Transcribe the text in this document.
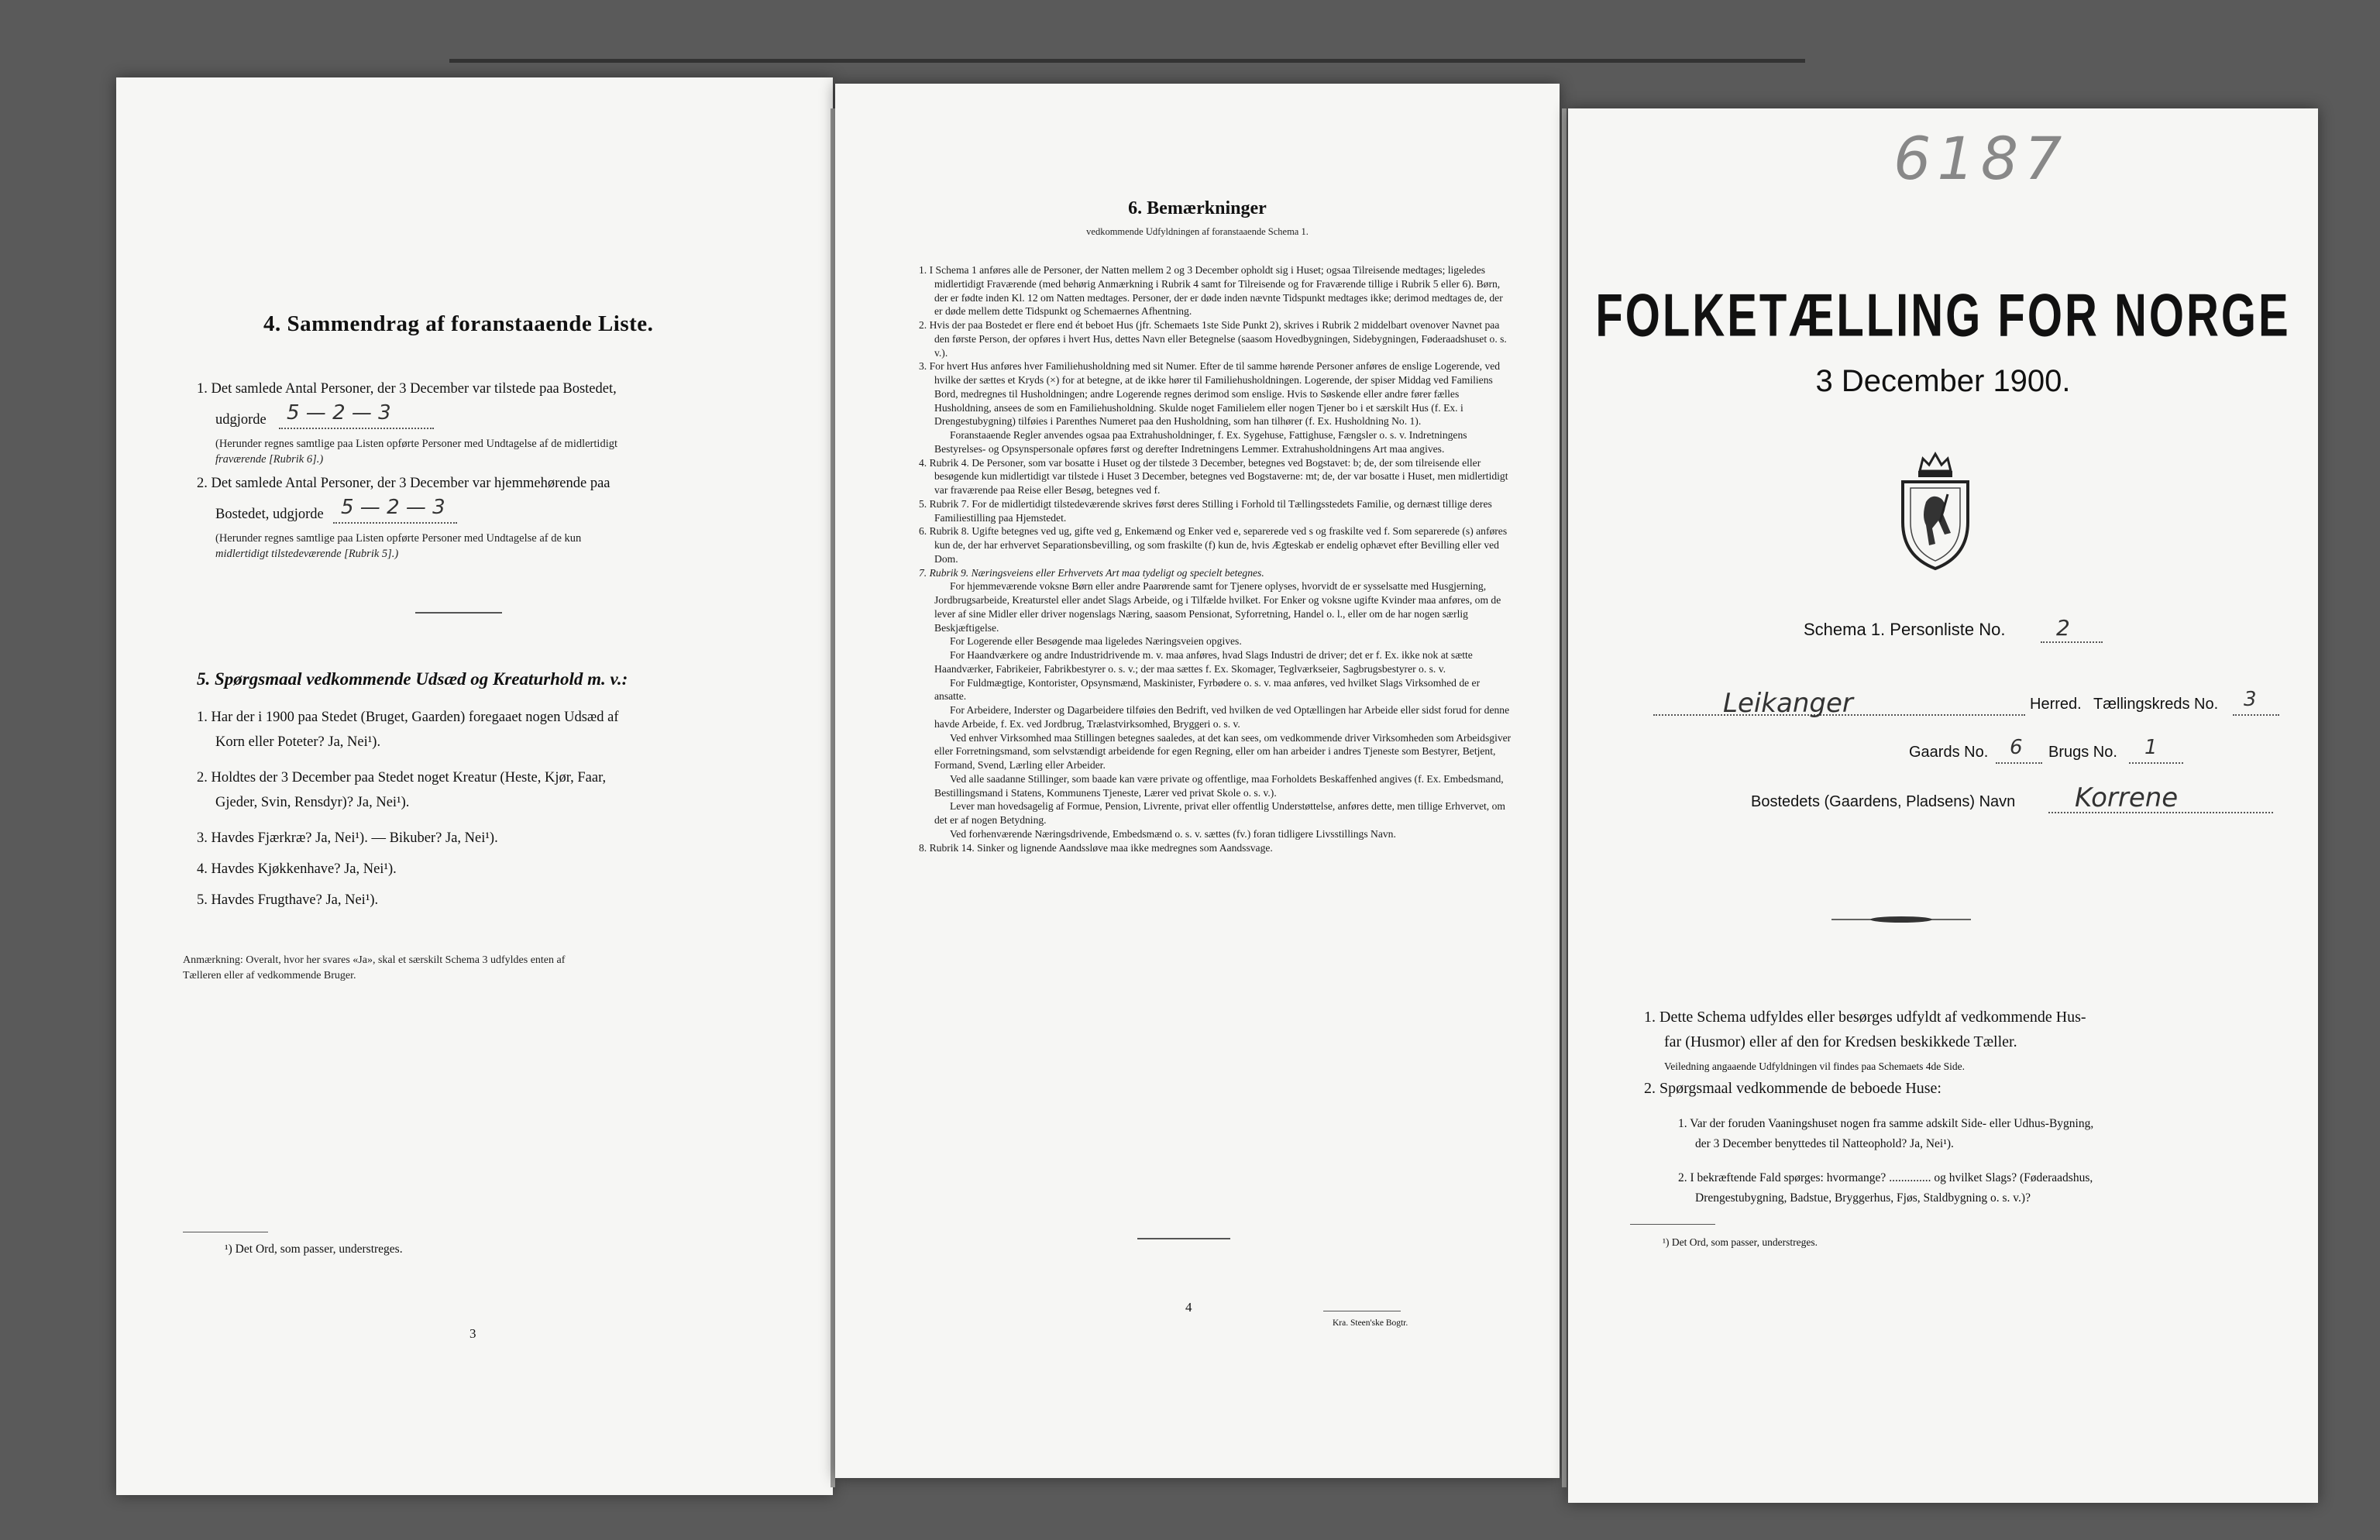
4. Sammendrag af foranstaaende Liste.
1. Det samlede Antal Personer, der 3 December var tilstede paa Bostedet,
udgjorde 5 — 2 — 3
(Herunder regnes samtlige paa Listen opførte Personer med Undtagelse af de midlertidigt
fraværende [Rubrik 6].)
2. Det samlede Antal Personer, der 3 December var hjemmehørende paa
Bostedet, udgjorde 5 — 2 — 3
(Herunder regnes samtlige paa Listen opførte Personer med Undtagelse af de kun
midlertidigt tilstedeværende [Rubrik 5].)
5. Spørgsmaal vedkommende Udsæd og Kreaturhold m. v.:
1. Har der i 1900 paa Stedet (Bruget, Gaarden) foregaaet nogen Udsæd af
Korn eller Poteter? Ja, Nei¹).
2. Holdtes der 3 December paa Stedet noget Kreatur (Heste, Kjør, Faar,
Gjeder, Svin, Rensdyr)? Ja, Nei¹).
3. Havdes Fjærkræ? Ja, Nei¹). — Bikuber? Ja, Nei¹).
4. Havdes Kjøkkenhave? Ja, Nei¹).
5. Havdes Frugthave? Ja, Nei¹).
Anmærkning: Overalt, hvor her svares «Ja», skal et særskilt Schema 3 udfyldes enten af
Tælleren eller af vedkommende Bruger.
¹) Det Ord, som passer, understreges.
3
6. Bemærkninger
vedkommende Udfyldningen af foranstaaende Schema 1.

1. I Schema 1 anføres alle de Personer, der Natten mellem 2 og 3 December opholdt sig i Huset; ogsaa Tilreisende medtages; ligeledes midlertidigt Fraværende (med behørig Anmærkning i Rubrik 4 samt for Tilreisende og for Fraværende tillige i Rubrik 5 eller 6). Børn, der er fødte inden Kl. 12 om Natten medtages. Personer, der er døde inden nævnte Tidspunkt medtages ikke; derimod medtages de, der er døde mellem dette Tidspunkt og Schemaernes Afhentning.

2. Hvis der paa Bostedet er flere end ét beboet Hus (jfr. Schemaets 1ste Side Punkt 2), skrives i Rubrik 2 middelbart ovenover Navnet paa den første Person, der opføres i hvert Hus, dettes Navn eller Betegnelse (saasom Hovedbygningen, Sidebygningen, Føderaadshuset o. s. v.).

3. For hvert Hus anføres hver Familiehusholdning med sit Numer. Efter de til samme hørende Personer anføres de enslige Logerende, ved hvilke der sættes et Kryds (×) for at betegne, at de ikke hører til Familiehusholdningen. Logerende, der spiser Middag ved Familiens Bord, medregnes til Husholdningen; andre Logerende regnes derimod som enslige. Hvis to Søskende eller andre fører fælles Husholdning, ansees de som en Familiehusholdning. Skulde noget Familielem eller nogen Tjener bo i et særskilt Hus (f. Ex. i Drengestubygning) tilføies i Parenthes Numeret paa den Husholdning, som han tilhører (f. Ex. Husholdning No. 1).

Foranstaaende Regler anvendes ogsaa paa Extrahusholdninger, f. Ex. Sygehuse, Fattighuse, Fængsler o. s. v. Indretningens Bestyrelses- og Opsynspersonale opføres først og derefter Indretningens Lemmer. Extrahusholdningens Art maa angives.

4. Rubrik 4. De Personer, som var bosatte i Huset og der tilstede 3 December, betegnes ved Bogstavet: b; de, der som tilreisende eller besøgende kun midlertidigt var tilstede i Huset 3 December, betegnes ved Bogstaverne: mt; de, der var bosatte i Huset, men midlertidigt var fraværende paa Reise eller Besøg, betegnes ved f.

5. Rubrik 7. For de midlertidigt tilstedeværende skrives først deres Stilling i Forhold til Tællingsstedets Familie, og dernæst tillige deres Familiestilling paa Hjemstedet.

6. Rubrik 8. Ugifte betegnes ved ug, gifte ved g, Enkemænd og Enker ved e, separerede ved s og fraskilte ved f. Som separerede (s) anføres kun de, der har erhvervet Separationsbevilling, og som fraskilte (f) kun de, hvis Ægteskab er endelig ophævet efter Bevilling eller ved Dom.

7. Rubrik 9. Næringsveiens eller Erhvervets Art maa tydeligt og specielt betegnes.

For hjemmeværende voksne Børn eller andre Paarørende samt for Tjenere oplyses, hvorvidt de er sysselsatte med Husgjerning, Jordbrugsarbeide, Kreaturstel eller andet Slags Arbeide, og i Tilfælde hvilket. For Enker og voksne ugifte Kvinder maa anføres, om de lever af sine Midler eller driver nogenslags Næring, saasom Pensionat, Syforretning, Handel o. l., eller om de har nogen særlig Beskjæftigelse.

For Logerende eller Besøgende maa ligeledes Næringsveien opgives.

For Haandværkere og andre Industridrivende m. v. maa anføres, hvad Slags Industri de driver; det er f. Ex. ikke nok at sætte Haandværker, Fabrikeier, Fabrikbestyrer o. s. v.; der maa sættes f. Ex. Skomager, Teglværkseier, Sagbrugsbestyrer o. s. v.

For Fuldmægtige, Kontorister, Opsynsmænd, Maskinister, Fyrbødere o. s. v. maa anføres, ved hvilket Slags Virksomhed de er ansatte.

For Arbeidere, Inderster og Dagarbeidere tilføies den Bedrift, ved hvilken de ved Optællingen har Arbeide eller sidst forud for denne havde Arbeide, f. Ex. ved Jordbrug, Trælastvirksomhed, Bryggeri o. s. v.

Ved enhver Virksomhed maa Stillingen betegnes saaledes, at det kan sees, om vedkommende driver Virksomheden som Arbeidsgiver eller Forretningsmand, som selvstændigt arbeidende for egen Regning, eller om han arbeider i andres Tjeneste som Bestyrer, Betjent, Formand, Svend, Lærling eller Arbeider.

Ved alle saadanne Stillinger, som baade kan være private og offentlige, maa Forholdets Beskaffenhed angives (f. Ex. Embedsmand, Bestillingsmand i Statens, Kommunens Tjeneste, Lærer ved privat Skole o. s. v.).

Lever man hovedsagelig af Formue, Pension, Livrente, privat eller offentlig Understøttelse, anføres dette, men tillige Erhvervet, om det er af nogen Betydning.

Ved forhenværende Næringsdrivende, Embedsmænd o. s. v. sættes (fv.) foran tidligere Livsstillings Navn.

8. Rubrik 14. Sinker og lignende Aandssløve maa ikke medregnes som Aandssvage.

4
Kra. Steen'ske Bogtr.
6187
FOLKETÆLLING FOR NORGE
3 December 1900.
Schema 1. Personliste No. 2
Leikanger	Herred. Tællingskreds No. 3
Gaards No. 6 Brugs No. 1
Bostedets (Gaardens, Pladsens) Navn Korrene
1. Dette Schema udfyldes eller besørges udfyldt af vedkommende Hus-
far (Husmor) eller af den for Kredsen beskikkede Tæller.
Veiledning angaaende Udfyldningen vil findes paa Schemaets 4de Side.
2. Spørgsmaal vedkommende de beboede Huse:
1. Var der foruden Vaaningshuset nogen fra samme adskilt Side- eller Udhus-Bygning,
der 3 December benyttedes til Natteophold? Ja, Nei¹).
2. I bekræftende Fald spørges: hvormange? .............. og hvilket Slags? (Føderaadshus,
Drengestubygning, Badstue, Bryggerhus, Fjøs, Staldbygning o. s. v.)?
¹) Det Ord, som passer, understreges.
